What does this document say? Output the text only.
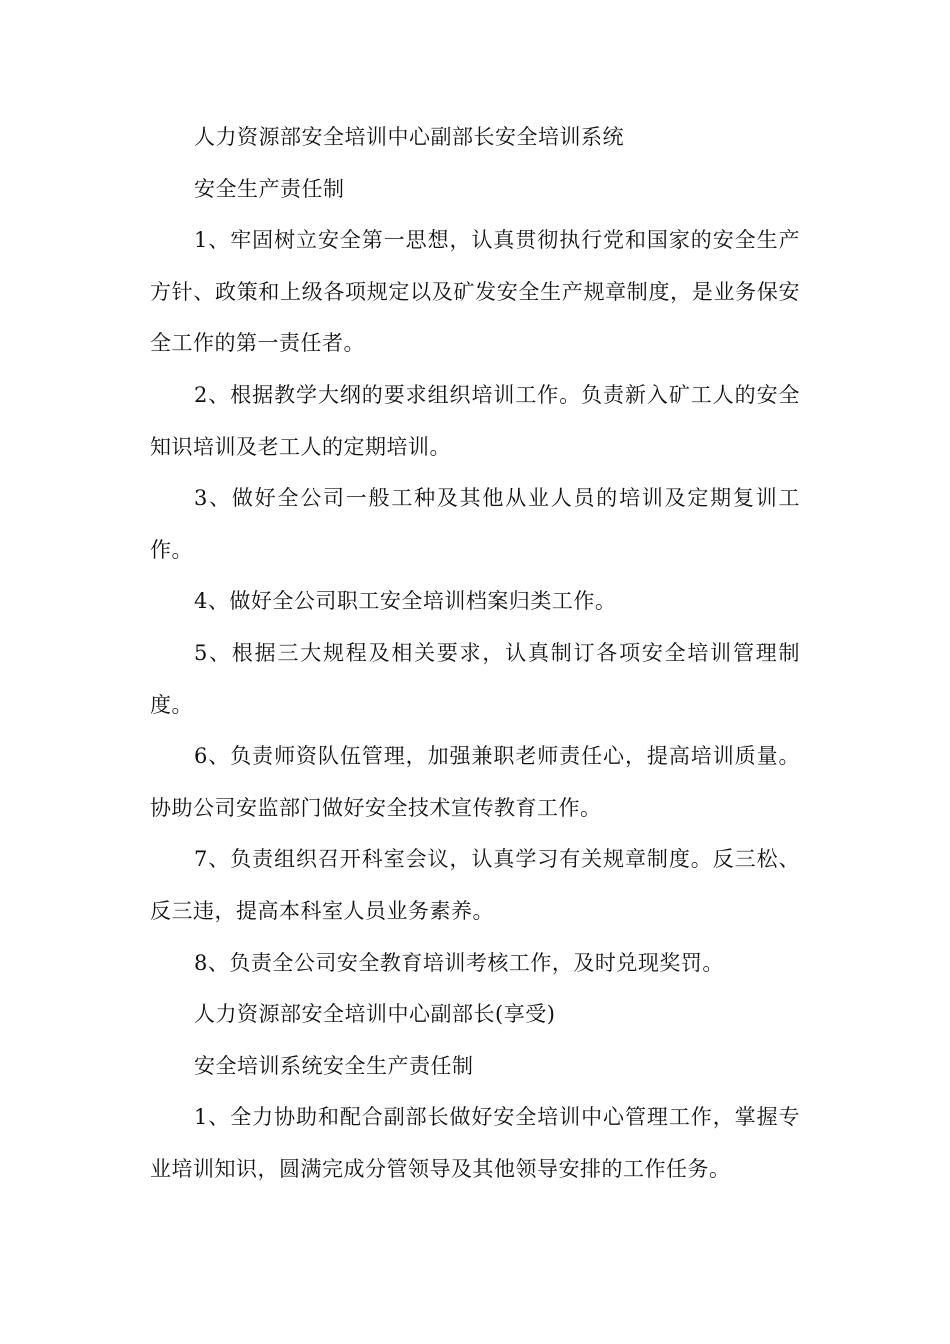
人力资源部安全培训中心副部长安全培训系统

安全生产责任制

1、牢固树立安全第一思想，认真贯彻执行党和国家的安全生产方针、政策和上级各项规定以及矿发安全生产规章制度，是业务保安全工作的第一责任者。

2、根据教学大纲的要求组织培训工作。负责新入矿工人的安全知识培训及老工人的定期培训。

3、做好全公司一般工种及其他从业人员的培训及定期复训工作。

4、做好全公司职工安全培训档案归类工作。

5、根据三大规程及相关要求，认真制订各项安全培训管理制度。

6、负责师资队伍管理，加强兼职老师责任心，提高培训质量。协助公司安监部门做好安全技术宣传教育工作。

7、负责组织召开科室会议，认真学习有关规章制度。反三松、反三违，提高本科室人员业务素养。

8、负责全公司安全教育培训考核工作，及时兑现奖罚。

人力资源部安全培训中心副部长(享受)

安全培训系统安全生产责任制

1、全力协助和配合副部长做好安全培训中心管理工作，掌握专业培训知识，圆满完成分管领导及其他领导安排的工作任务。
